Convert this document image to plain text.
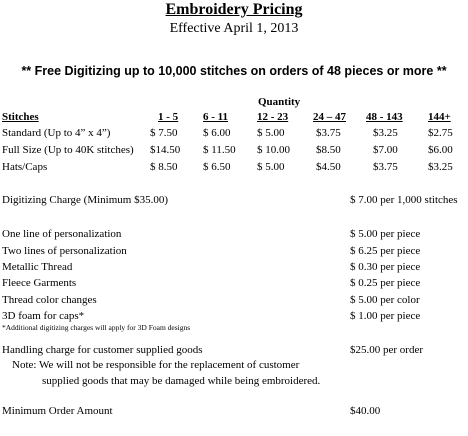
Embroidery Pricing
Effective April 1, 2013
** Free Digitizing up to 10,000 stitches on orders of 48 pieces or more **
Quantity
Stitches	1 - 5 6 - 11	12 - 23 24 – 47 48 - 143 144+
Standard (Up to 4” x 4”)	$ 7.50 $ 6.00 $ 5.00	$3.75	$3.25	$2.75
Full Size (Up to 40K stitches) $14.50 $ 11.50 $ 10.00 $8.50	$7.00	$6.00
Hats/Caps	$ 8.50 $ 6.50 $ 5.00	$4.50	$3.75	$3.25
Digitizing Charge (Minimum $35.00)	$ 7.00 per 1,000 stitches
One line of personalization	$ 5.00 per piece
Two lines of personalization	$ 6.25 per piece
Metallic Thread	$ 0.30 per piece
Fleece Garments	$ 0.25 per piece
Thread color changes	$ 5.00 per color
3D foam for caps*	$ 1.00 per piece
*Additional digitizing charges will apply for 3D Foam designs
Handling charge for customer supplied goods	$25.00 per order
Note: We will not be responsible for the replacement of customer
supplied goods that may be damaged while being embroidered.
Minimum Order Amount	$40.00
